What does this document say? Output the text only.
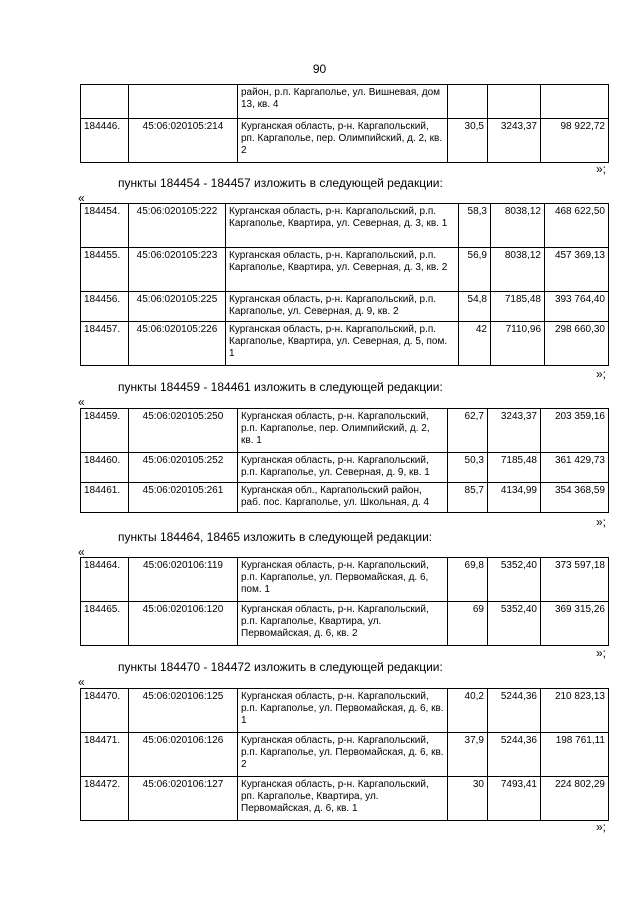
90
		район, р.п. Каргаполье, ул. Вишневая, дом 13, кв. 4			
184446.	45:06:020105:214	Курганская область, р-н. Каргапольский, рп. Каргаполье, пер. Олимпийский, д. 2, кв. 2	30,5	3243,37	98 922,72
»;
пункты 184454 - 184457 изложить в следующей редакции:
«
184454.	45:06:020105:222	Курганская область, р-н. Каргапольский, р.п. Каргаполье, Квартира, ул. Северная, д. 3, кв. 1	58,3	8038,12	468 622,50
184455.	45:06:020105:223	Курганская область, р-н. Каргапольский, р.п. Каргаполье, Квартира, ул. Северная, д. 3, кв. 2	56,9	8038,12	457 369,13
184456.	45:06:020105:225	Курганская область, р-н. Каргапольский, р.п. Каргаполье, ул. Северная, д. 9, кв. 2	54,8	7185,48	393 764,40
184457.	45:06:020105:226	Курганская область, р-н. Каргапольский, р.п. Каргаполье, Квартира, ул. Северная, д. 5, пом. 1	42	7110,96	298 660,30
»;
пункты 184459 - 184461 изложить в следующей редакции:
«
184459.	45:06:020105:250	Курганская область, р-н. Каргапольский, р.п. Каргаполье, пер. Олимпийский, д. 2, кв. 1	62,7	3243,37	203 359,16
184460.	45:06:020105:252	Курганская область, р-н. Каргапольский, р.п. Каргаполье, ул. Северная, д. 9, кв. 1	50,3	7185,48	361 429,73
184461.	45:06:020105:261	Курганская обл., Каргапольский район, раб. пос. Каргаполье, ул. Школьная, д. 4	85,7	4134,99	354 368,59
»;
пункты 184464, 18465 изложить в следующей редакции:
«
184464.	45:06:020106:119	Курганская область, р-н. Каргапольский, р.п. Каргаполье, ул. Первомайская, д. 6, пом. 1	69,8	5352,40	373 597,18
184465.	45:06:020106:120	Курганская область, р-н. Каргапольский, р.п. Каргаполье, Квартира, ул. Первомайская, д. 6, кв. 2	69	5352,40	369 315,26
»;
пункты 184470 - 184472 изложить в следующей редакции:
«
184470.	45:06:020106:125	Курганская область, р-н. Каргапольский, р.п. Каргаполье, ул. Первомайская, д. 6, кв. 1	40,2	5244,36	210 823,13
184471.	45:06:020106:126	Курганская область, р-н. Каргапольский, р.п. Каргаполье, ул. Первомайская, д. 6, кв. 2	37,9	5244,36	198 761,11
184472.	45:06:020106:127	Курганская область, р-н. Каргапольский, рп. Каргаполье, Квартира, ул. Первомайская, д. 6, кв. 1	30	7493,41	224 802,29
»;
